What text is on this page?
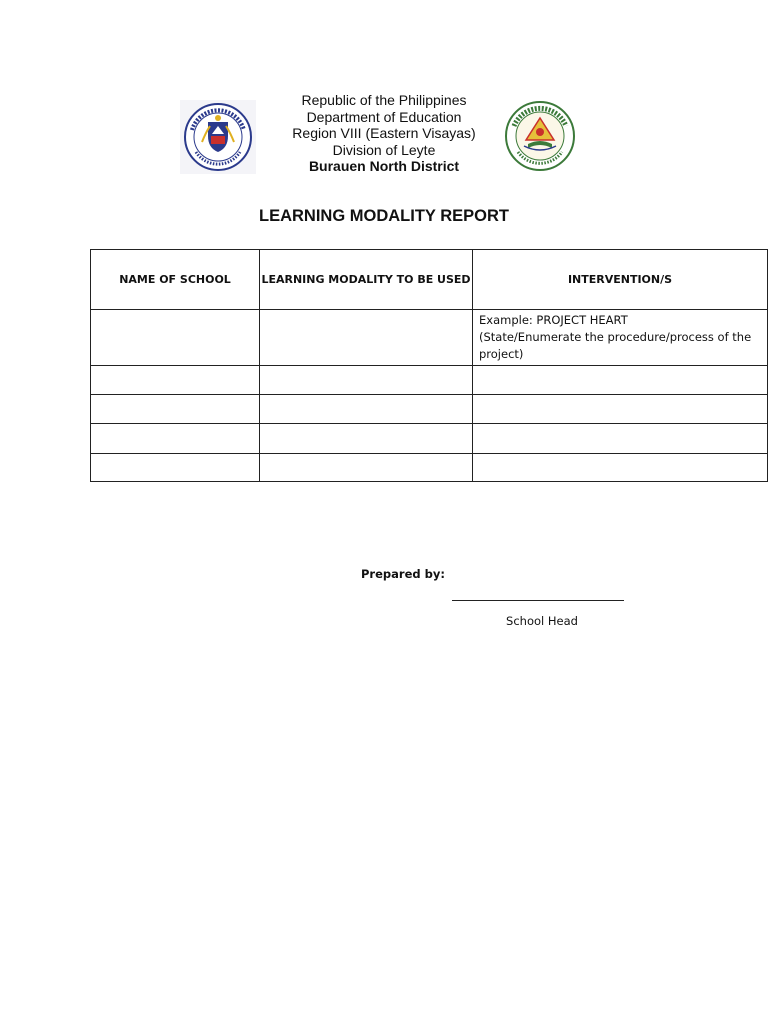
Republic of the Philippines
Department of Education
Region VIII (Eastern Visayas)
Division of Leyte
Burauen North District
LEARNING MODALITY REPORT
NAME OF SCHOOL	LEARNING MODALITY TO BE USED	INTERVENTION/S

		Example: PROJECT HEART
(State/Enumerate the procedure/process of the project)

Prepared by:
School Head
